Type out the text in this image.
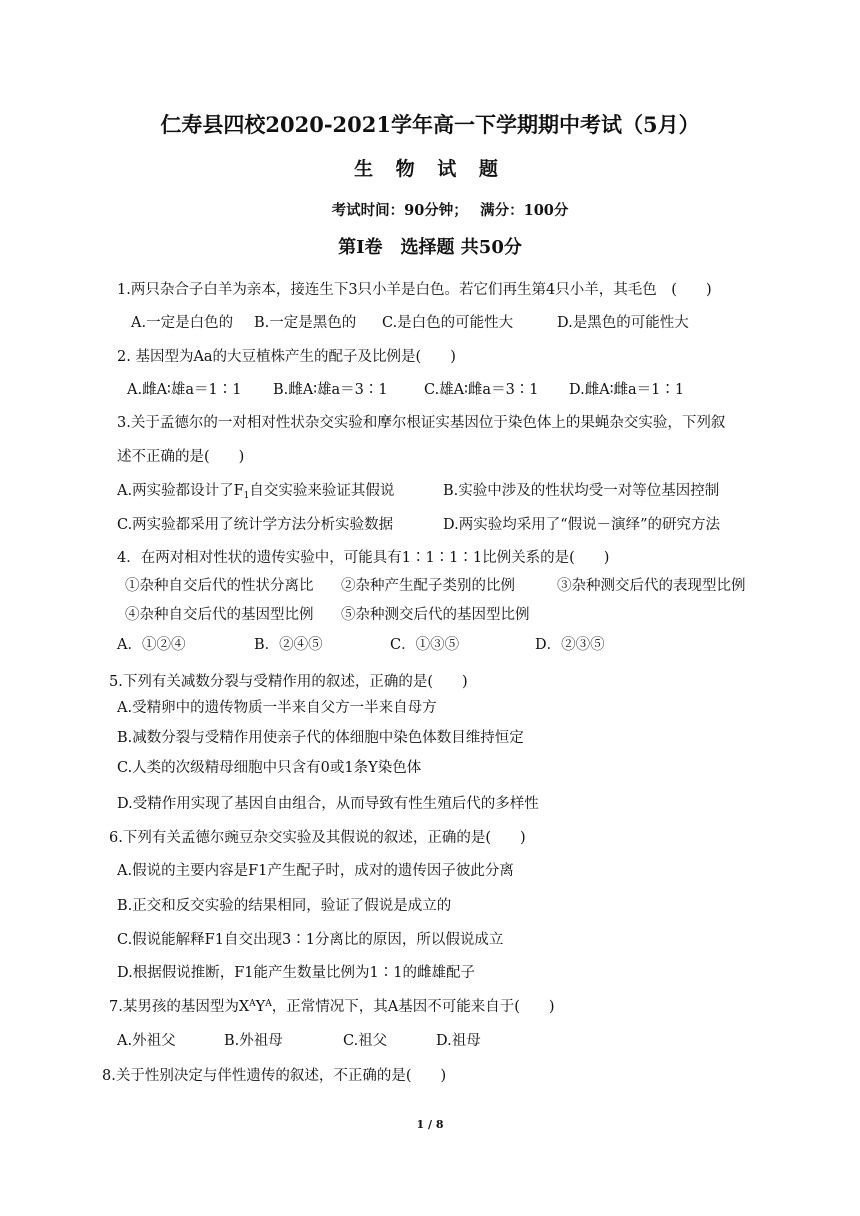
仁寿县四校2020-2021学年高一下学期期中考试（5月）
生 物 试 题
考试时间：90分钟；　 满分：100分
第Ⅰ卷　选择题 共50分
1.两只杂合子白羊为亲本，接连生下3只小羊是白色。若它们再生第4只小羊，其毛色　(　　)
A.一定是白色的 B.一定是黑色的 C.是白色的可能性大	D.是黑色的可能性大
2. 基因型为Aa的大豆植株产生的配子及比例是(　　)
A.雌A∶雄a＝1∶1 B.雌A∶雄a＝3∶1	C.雄A∶雌a＝3∶1 D.雌A∶雌a＝1∶1
3.关于孟德尔的一对相对性状杂交实验和摩尔根证实基因位于染色体上的果蝇杂交实验，下列叙
述不正确的是(　　)
A.两实验都设计了$F_1$自交实验来验证其假说	B.实验中涉及的性状均受一对等位基因控制
C.两实验都采用了统计学方法分析实验数据	D.两实验均采用了“假说－演绎”的研究方法
4．在两对相对性状的遗传实验中，可能具有1∶1∶1∶1比例关系的是(　　)
①杂种自交后代的性状分离比 ②杂种产生配子类别的比例	③杂种测交后代的表现型比例
④杂种自交后代的基因型比例 ⑤杂种测交后代的基因型比例
A．①②④	B．②④⑤	C．①③⑤	D．②③⑤
5.下列有关减数分裂与受精作用的叙述，正确的是(　　)
A.受精卵中的遗传物质一半来自父方一半来自母方
B.减数分裂与受精作用使亲子代的体细胞中染色体数目维持恒定
C.人类的次级精母细胞中只含有0或1条Y染色体
D.受精作用实现了基因自由组合，从而导致有性生殖后代的多样性
6.下列有关孟德尔豌豆杂交实验及其假说的叙述，正确的是(　　)
A.假说的主要内容是F1产生配子时，成对的遗传因子彼此分离
B.正交和反交实验的结果相同，验证了假说是成立的
C.假说能解释F1自交出现3∶1分离比的原因，所以假说成立
D.根据假说推断，F1能产生数量比例为1∶1的雌雄配子
7.某男孩的基因型为$X^AY^A$，正常情况下，其A基因不可能来自于(　　)
A.外祖父	B.外祖母	C.祖父	D.祖母
8.关于性别决定与伴性遗传的叙述，不正确的是(　　)
1 / 8
